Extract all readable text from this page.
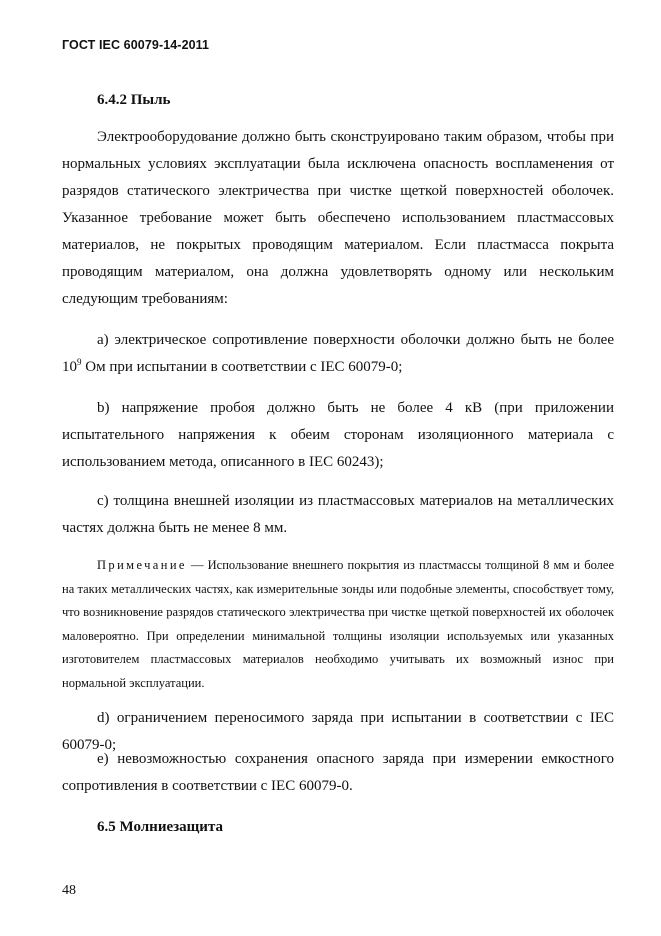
ГОСТ IEC 60079-14-2011
6.4.2 Пыль

Электрооборудование должно быть сконструировано таким образом, чтобы при нормальных условиях эксплуатации была исключена опасность воспламенения от разрядов статического электричества при чистке щеткой поверхностей оболочек. Указанное требование может быть обеспечено использованием пластмассовых материалов, не покрытых проводящим материалом. Если пластмасса покрыта проводящим материалом, она должна удовлетворять одному или нескольким следующим требованиям:

а) электрическое сопротивление поверхности оболочки должно быть не более $10^9$ Ом при испытании в соответствии с IEC 60079-0;

b) напряжение пробоя должно быть не более 4 кВ (при приложении испытательного напряжения к обеим сторонам изоляционного материала с использованием метода, описанного в IEC 60243);

с) толщина внешней изоляции из пластмассовых материалов на металлических частях должна быть не менее 8 мм.

Примечание — Использование внешнего покрытия из пластмассы толщиной 8 мм и более на таких металлических частях, как измерительные зонды или подобные элементы, способствует тому, что возникновение разрядов статического электричества при чистке щеткой поверхностей их оболочек маловероятно. При определении минимальной толщины изоляции используемых или указанных изготовителем пластмассовых материалов необходимо учитывать их возможный износ при нормальной эксплуатации.

d) ограничением переносимого заряда при испытании в соответствии с IEC 60079-0;

е) невозможностью сохранения опасного заряда при измерении емкостного сопротивления в соответствии с IEC 60079-0.

6.5 Молниезащита
48
